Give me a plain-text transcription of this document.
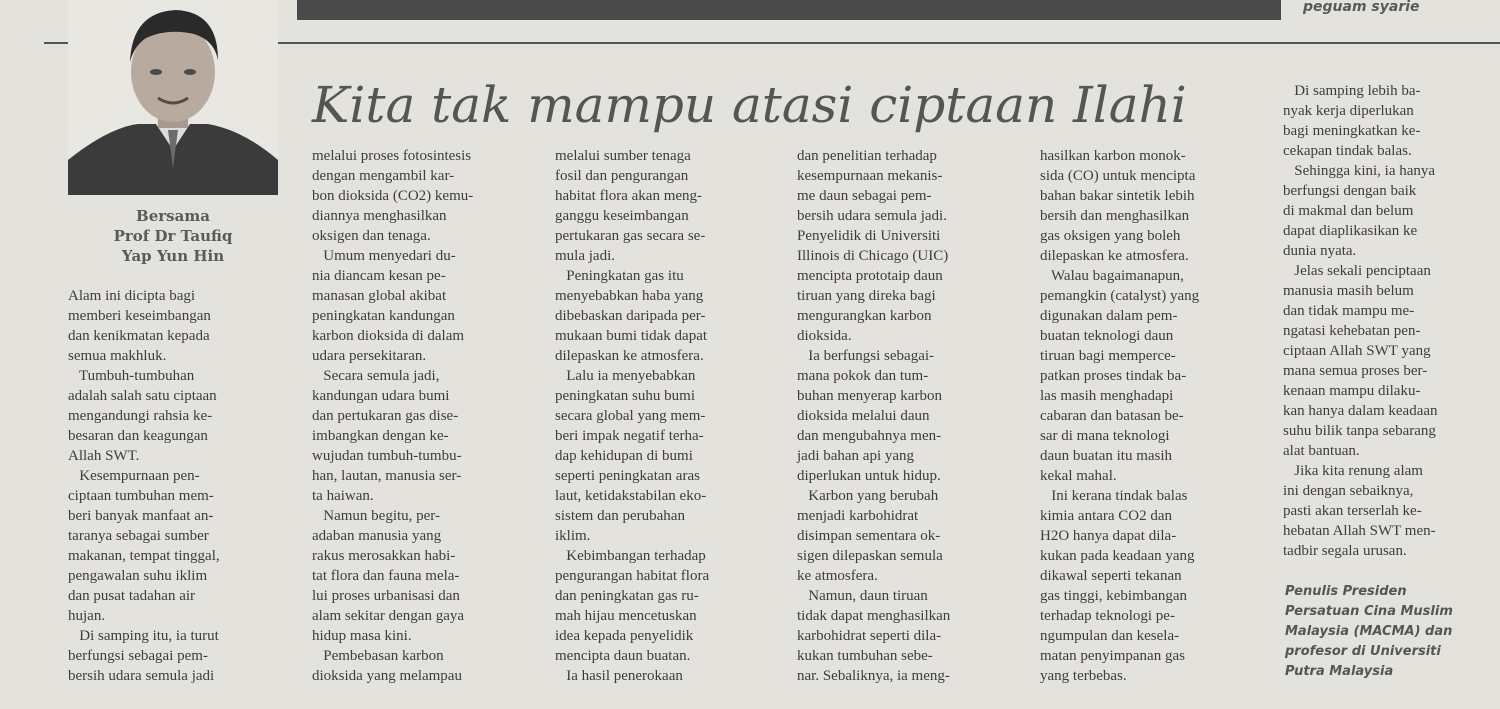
peguam syarie
Bersama
Prof Dr Taufiq
Yap Yun Hin
Kita tak mampu atasi ciptaan Ilahi
Alam ini dicipta bagi
memberi keseimbangan
dan kenikmatan kepada
semua makhluk.
Tumbuh-tumbuhan
adalah salah satu ciptaan
mengandungi rahsia ke-
besaran dan keagungan
Allah SWT.
Kesempurnaan pen-
ciptaan tumbuhan mem-
beri banyak manfaat an-
taranya sebagai sumber
makanan, tempat tinggal,
pengawalan suhu iklim
dan pusat tadahan air
hujan.
Di samping itu, ia turut
berfungsi sebagai pem-
bersih udara semula jadi
melalui proses fotosintesis
dengan mengambil kar-
bon dioksida (CO2) kemu-
diannya menghasilkan
oksigen dan tenaga.
Umum menyedari du-
nia diancam kesan pe-
manasan global akibat
peningkatan kandungan
karbon dioksida di dalam
udara persekitaran.
Secara semula jadi,
kandungan udara bumi
dan pertukaran gas dise-
imbangkan dengan ke-
wujudan tumbuh-tumbu-
han, lautan, manusia ser-
ta haiwan.
Namun begitu, per-
adaban manusia yang
rakus merosakkan habi-
tat flora dan fauna mela-
lui proses urbanisasi dan
alam sekitar dengan gaya
hidup masa kini.
Pembebasan karbon
dioksida yang melampau
melalui sumber tenaga
fosil dan pengurangan
habitat flora akan meng-
ganggu keseimbangan
pertukaran gas secara se-
mula jadi.
Peningkatan gas itu
menyebabkan haba yang
dibebaskan daripada per-
mukaan bumi tidak dapat
dilepaskan ke atmosfera.
Lalu ia menyebabkan
peningkatan suhu bumi
secara global yang mem-
beri impak negatif terha-
dap kehidupan di bumi
seperti peningkatan aras
laut, ketidakstabilan eko-
sistem dan perubahan
iklim.
Kebimbangan terhadap
pengurangan habitat flora
dan peningkatan gas ru-
mah hijau mencetuskan
idea kepada penyelidik
mencipta daun buatan.
Ia hasil penerokaan
dan penelitian terhadap
kesempurnaan mekanis-
me daun sebagai pem-
bersih udara semula jadi.
Penyelidik di Universiti
Illinois di Chicago (UIC)
mencipta prototaip daun
tiruan yang direka bagi
mengurangkan karbon
dioksida.
Ia berfungsi sebagai-
mana pokok dan tum-
buhan menyerap karbon
dioksida melalui daun
dan mengubahnya men-
jadi bahan api yang
diperlukan untuk hidup.
Karbon yang berubah
menjadi karbohidrat
disimpan sementara ok-
sigen dilepaskan semula
ke atmosfera.
Namun, daun tiruan
tidak dapat menghasilkan
karbohidrat seperti dila-
kukan tumbuhan sebe-
nar. Sebaliknya, ia meng-
hasilkan karbon monok-
sida (CO) untuk mencipta
bahan bakar sintetik lebih
bersih dan menghasilkan
gas oksigen yang boleh
dilepaskan ke atmosfera.
Walau bagaimanapun,
pemangkin (catalyst) yang
digunakan dalam pem-
buatan teknologi daun
tiruan bagi memperce-
patkan proses tindak ba-
las masih menghadapi
cabaran dan batasan be-
sar di mana teknologi
daun buatan itu masih
kekal mahal.
Ini kerana tindak balas
kimia antara CO2 dan
H2O hanya dapat dila-
kukan pada keadaan yang
dikawal seperti tekanan
gas tinggi, kebimbangan
terhadap teknologi pe-
ngumpulan dan kesela-
matan penyimpanan gas
yang terbebas.
Di samping lebih ba-
nyak kerja diperlukan
bagi meningkatkan ke-
cekapan tindak balas.
Sehingga kini, ia hanya
berfungsi dengan baik
di makmal dan belum
dapat diaplikasikan ke
dunia nyata.
Jelas sekali penciptaan
manusia masih belum
dan tidak mampu me-
ngatasi kehebatan pen-
ciptaan Allah SWT yang
mana semua proses ber-
kenaan mampu dilaku-
kan hanya dalam keadaan
suhu bilik tanpa sebarang
alat bantuan.
Jika kita renung alam
ini dengan sebaiknya,
pasti akan terserlah ke-
hebatan Allah SWT men-
tadbir segala urusan.
Penulis Presiden
Persatuan Cina Muslim
Malaysia (MACMA) dan
profesor di Universiti
Putra Malaysia
